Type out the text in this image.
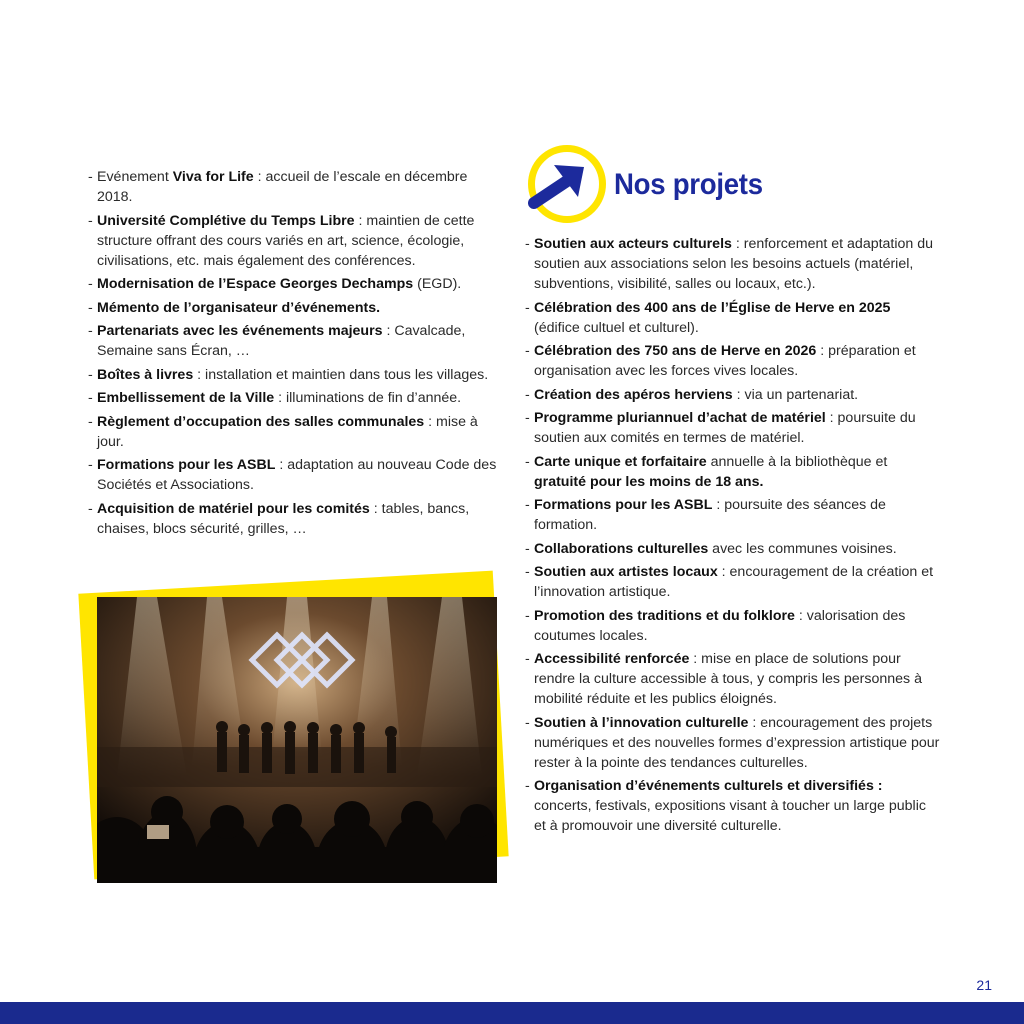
- Evénement Viva for Life : accueil de l’escale en décembre 2018.
- Université Complétive du Temps Libre : maintien de cette structure offrant des cours variés en art, science, écologie, civilisations, etc. mais également des conférences.
- Modernisation de l’Espace Georges Dechamps (EGD).
- Mémento de l’organisateur d’événements.
- Partenariats avec les événements majeurs : Cavalcade, Semaine sans Écran, …
- Boîtes à livres : installation et maintien dans tous les villages.
- Embellissement de la Ville : illuminations de fin d’année.
- Règlement d’occupation des salles communales : mise à jour.
- Formations pour les ASBL : adaptation au nouveau Code des Sociétés et Associations.
- Acquisition de matériel pour les comités : tables, bancs, chaises, blocs sécurité, grilles, …
Nos projets
- Soutien aux acteurs culturels : renforcement et adaptation du soutien aux associations selon les besoins actuels (matériel, subventions, visibilité, salles ou locaux, etc.).
- Célébration des 400 ans de l’Église de Herve en 2025 (édifice cultuel et culturel).
- Célébration des 750 ans de Herve en 2026 : préparation et organisation avec les forces vives locales.
- Création des apéros herviens : via un partenariat.
- Programme pluriannuel d’achat de matériel : poursuite du soutien aux comités en termes de matériel.
- Carte unique et forfaitaire annuelle à la bibliothèque et gratuité pour les moins de 18 ans.
- Formations pour les ASBL : poursuite des séances de formation.
- Collaborations culturelles avec les communes voisines.
- Soutien aux artistes locaux : encouragement de la création et l’innovation artistique.
- Promotion des traditions et du folklore : valorisation des coutumes locales.
- Accessibilité renforcée : mise en place de solutions pour rendre la culture accessible à tous, y compris les personnes à mobilité réduite et les publics éloignés.
- Soutien à l’innovation culturelle : encouragement des projets numériques et des nouvelles formes d’expression artistique pour rester à la pointe des tendances culturelles.
- Organisation d’événements culturels et diversifiés : concerts, festivals, expositions visant à toucher un large public et à promouvoir une diversité culturelle.
21
